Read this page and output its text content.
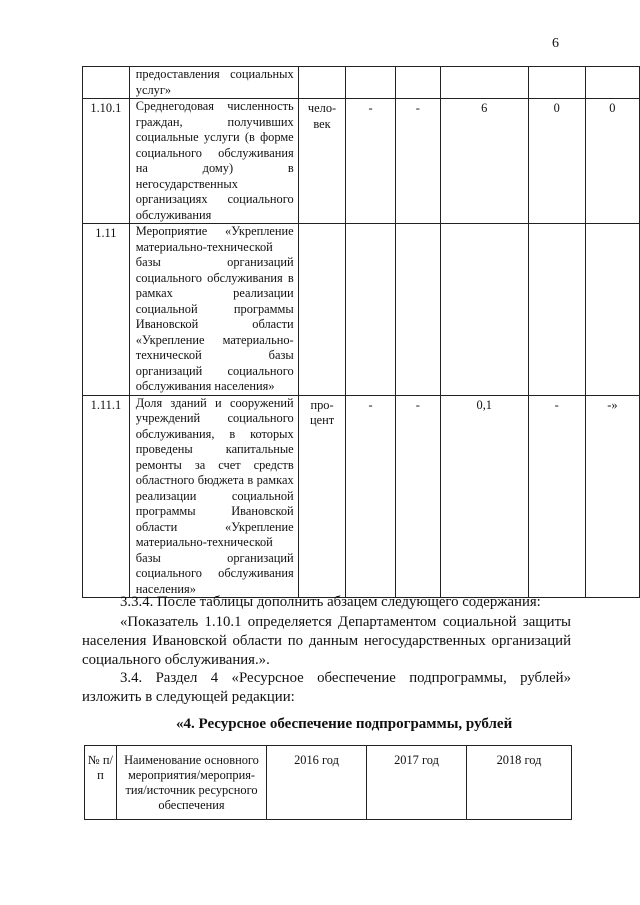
6
	предоставления социальных услуг»						
1.10.1	Среднегодовая численность граждан, получивших социальные услуги (в форме социального обслуживания на дому) в негосударственных организациях социального обслуживания	чело-век	-	-	6	0	0
1.11	Мероприятие «Укрепление материально-технической базы организаций социального обслуживания в рамках реализации социальной программы Ивановской области «Укрепление материально-технической базы организаций социального обслуживания населения»						
1.11.1	Доля зданий и сооружений учреждений социального обслуживания, в которых проведены капитальные ремонты за счет средств областного бюджета в рамках реализации социальной программы Ивановской области «Укрепление материально-технической базы организаций социального обслуживания населения»	про-цент	-	-	0,1	-	-»

3.3.4. После таблицы дополнить абзацем следующего содержания:

«Показатель 1.10.1 определяется Департаментом социальной защиты населения Ивановской области по данным негосударственных организаций социального обслуживания.».

3.4. Раздел 4 «Ресурсное обеспечение подпрограммы, рублей» изложить в следующей редакции:

«4. Ресурсное обеспечение подпрограммы, рублей
№ п/п	Наименование основного мероприятия/мероприя-тия/источник ресурсного обеспечения	2016 год	2017 год	2018 год
